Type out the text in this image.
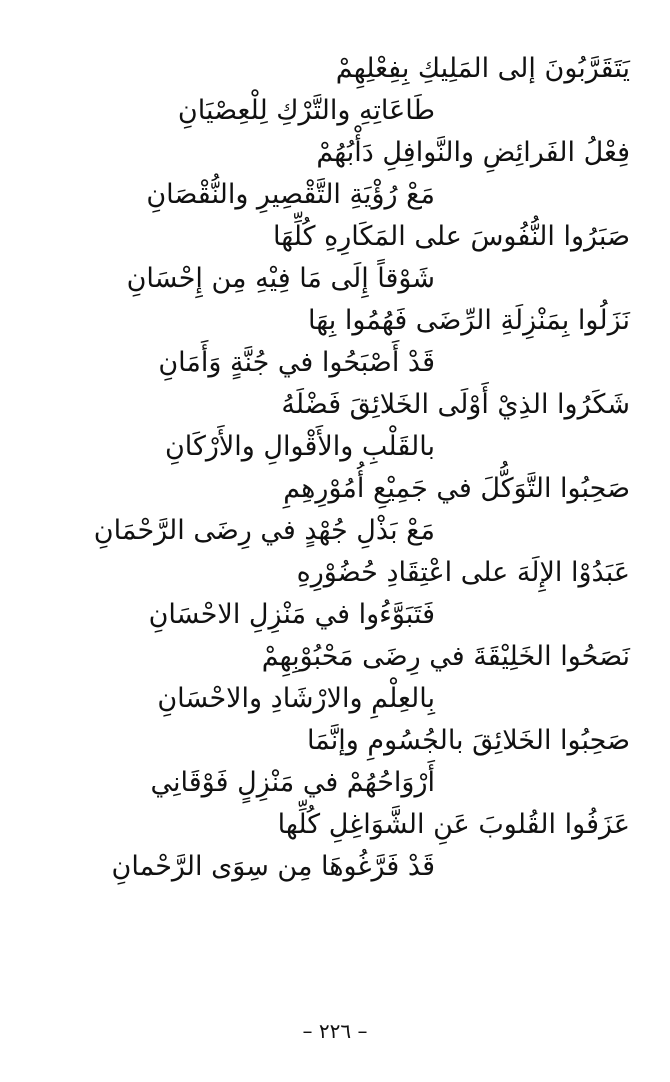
يَتَقَرَّبُونَ إلى المَلِيكِ بِفِعْلِهِمْ
طَاعَاتِهِ والتَّرْكِ لِلْعِصْيَانِ
فِعْلُ الفَرائِضِ والنَّوافِلِ دَأْبُهُمْ
مَعْ رُؤْيَةِ التَّقْصِيرِ والنُّقْصَانِ
صَبَرُوا النُّفُوسَ على المَكَارِهِ كُلِّهَا
شَوْقاً إِلَى مَا فِيْهِ مِن إِحْسَانِ
نَزَلُوا بِمَنْزِلَةِ الرِّضَى فَهُمُوا بِهَا
قَدْ أَصْبَحُوا في جُنَّةٍ وَأَمَانِ
شَكَرُوا الذِيْ أَوْلَى الخَلائِقَ فَضْلَهُ
بالقَلْبِ والأَقْوالِ والأَرْكَانِ
صَحِبُوا التَّوَكُّلَ في جَمِيْعِ أُمُوْرِهِمِ
مَعْ بَذْلِ جُهْدٍ في رِضَى الرَّحْمَانِ
عَبَدُوْا الإِلَهَ على اعْتِقَادِ حُضُوْرِهِ
فَتَبَوَّءُوا في مَنْزِلِ الاحْسَانِ
نَصَحُوا الخَلِيْقَةَ في رِضَى مَحْبُوْبِهِمْ
بِالعِلْمِ والارْشَادِ والاحْسَانِ
صَحِبُوا الخَلائِقَ بالجُسُومِ وإنَّمَا
أَرْوَاحُهُمْ في مَنْزِلٍ فَوْقَانِي
عَزَفُوا القُلوبَ عَنِ الشَّوَاغِلِ كُلِّها
قَدْ فَرَّغُوهَا مِن سِوَى الرَّحْمانِ
– ٢٢٦ –
